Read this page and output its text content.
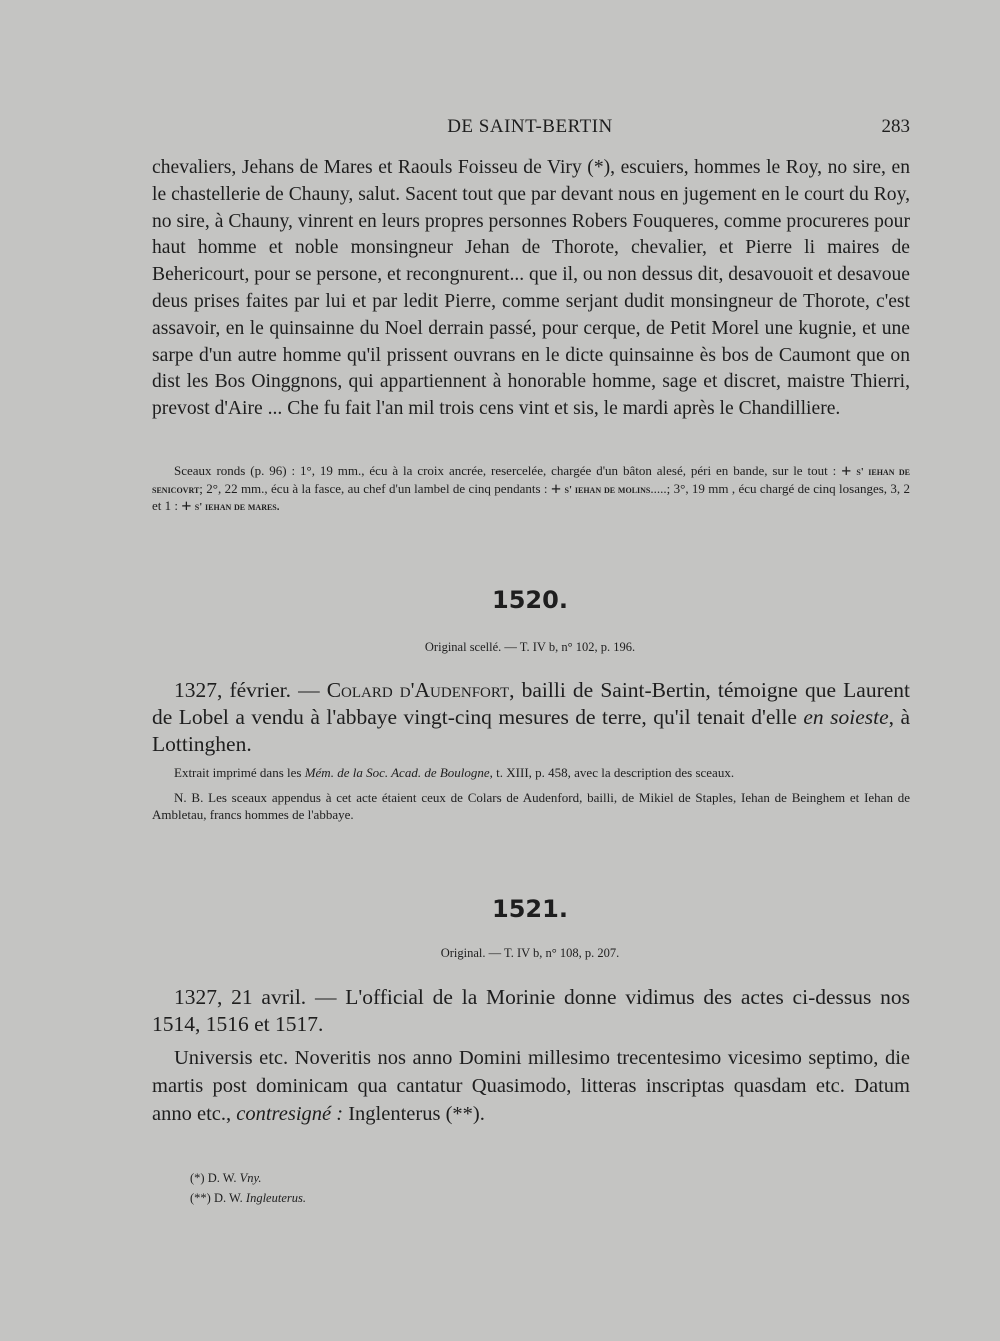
DE SAINT-BERTIN	283

chevaliers, Jehans de Mares et Raouls Foisseu de Viry (*), escuiers, hommes le Roy, no sire, en le chastellerie de Chauny, salut. Sacent tout que par devant nous en jugement en le court du Roy, no sire, à Chauny, vinrent en leurs propres personnes Robers Fouqueres, comme procureres pour haut homme et noble monsingneur Jehan de Thorote, chevalier, et Pierre li maires de Behericourt, pour se persone, et recongnurent... que il, ou non dessus dit, desavouoit et desavoue deus prises faites par lui et par ledit Pierre, comme serjant dudit monsingneur de Thorote, c'est assavoir, en le quinsainne du Noel derrain passé, pour cerque, de Petit Morel une kugnie, et une sarpe d'un autre homme qu'il prissent ouvrans en le dicte quinsainne ès bos de Caumont que on dist les Bos Oinggnons, qui appartiennent à honorable homme, sage et discret, maistre Thierri, prevost d'Aire ... Che fu fait l'an mil trois cens vint et sis, le mardi après le Chandilliere.

Sceaux ronds (p. 96) : 1°, 19 mm., écu à la croix ancrée, resercelée, chargée d'un bâton alesé, péri en bande, sur le tout : + s' iehan de senicovrt; 2°, 22 mm., écu à la fasce, au chef d'un lambel de cinq pendants : + s' iehan de molins.....; 3°, 19 mm , écu chargé de cinq losanges, 3, 2 et 1 : + s' iehan de mares.

1520.
Original scellé. — T. IV b, n° 102, p. 196.

1327, février. — Colard d'Audenfort, bailli de Saint-Bertin, témoigne que Laurent de Lobel a vendu à l'abbaye vingt-cinq mesures de terre, qu'il tenait d'elle en soieste, à Lottinghen.

Extrait imprimé dans les Mém. de la Soc. Acad. de Boulogne, t. XIII, p. 458, avec la description des sceaux.

N. B. Les sceaux appendus à cet acte étaient ceux de Colars de Audenford, bailli, de Mikiel de Staples, Iehan de Beinghem et Iehan de Ambletau, francs hommes de l'abbaye.

1521.
Original. — T. IV b, n° 108, p. 207.

1327, 21 avril. — L'official de la Morinie donne vidimus des actes ci-dessus nos 1514, 1516 et 1517.

Universis etc. Noveritis nos anno Domini millesimo trecentesimo vicesimo septimo, die martis post dominicam qua cantatur Quasimodo, litteras inscriptas quasdam etc. Datum anno etc., contresigné : Inglenterus (**).

(*) D. W. Vny.
(**) D. W. Ingleuterus.
